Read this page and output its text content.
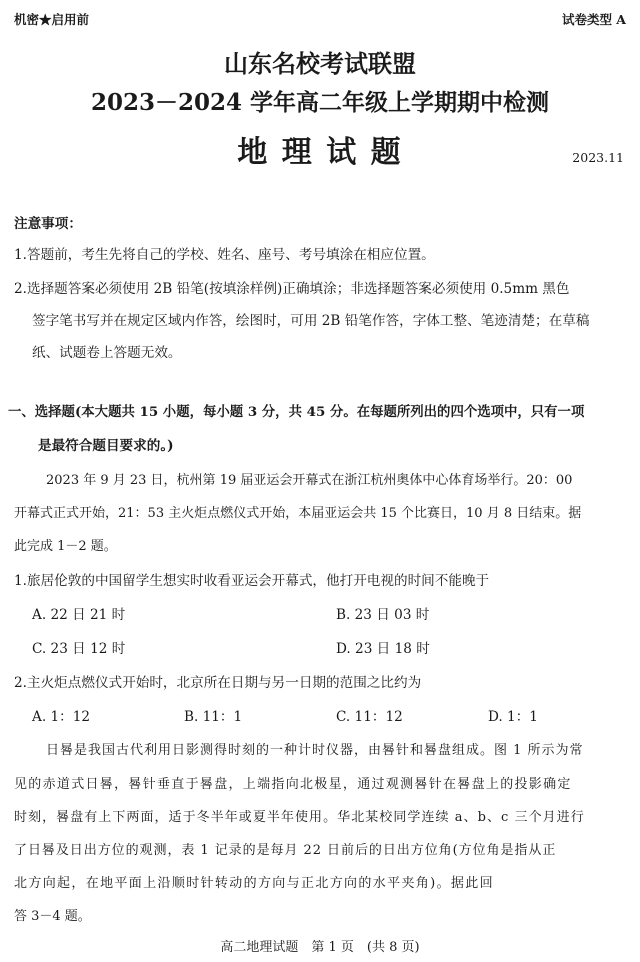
机密★启用前	试卷类型 A
山东名校考试联盟
2023－2024 学年高二年级上学期期中检测
地 理 试 题	2023.11
注意事项：
1.答题前，考生先将自己的学校、姓名、座号、考号填涂在相应位置。
2.选择题答案必须使用 2B 铅笔(按填涂样例)正确填涂；非选择题答案必须使用 0.5mm 黑色
签字笔书写并在规定区域内作答，绘图时，可用 2B 铅笔作答，字体工整、笔迹清楚；在草稿
纸、试题卷上答题无效。
一、选择题(本大题共 15 小题，每小题 3 分，共 45 分。在每题所列出的四个选项中，只有一项
是最符合题目要求的。)
2023 年 9 月 23 日，杭州第 19 届亚运会开幕式在浙江杭州奥体中心体育场举行。20：00
开幕式正式开始，21：53 主火炬点燃仪式开始，本届亚运会共 15 个比赛日，10 月 8 日结束。据
此完成 1－2 题。
1.旅居伦敦的中国留学生想实时收看亚运会开幕式，他打开电视的时间不能晚于
A. 22 日 21 时	B. 23 日 03 时
C. 23 日 12 时	D. 23 日 18 时
2.主火炬点燃仪式开始时，北京所在日期与另一日期的范围之比约为
A. 1：12	B. 11：1	C. 11：12	D. 1：1
日晷是我国古代利用日影测得时刻的一种计时仪器，由晷针和晷盘组成。图 1 所示为常
见的赤道式日晷，晷针垂直于晷盘，上端指向北极星，通过观测晷针在晷盘上的投影确定
时刻，晷盘有上下两面，适于冬半年或夏半年使用。华北某校同学连续 a、b、c 三个月进行
了日晷及日出方位的观测，表 1 记录的是每月 22 日前后的日出方位角(方位角是指从正
北方向起，在地平面上沿顺时针转动的方向与正北方向的水平夹角)。据此回
答 3－4 题。
高二地理试题　第 1 页　(共 8 页)
